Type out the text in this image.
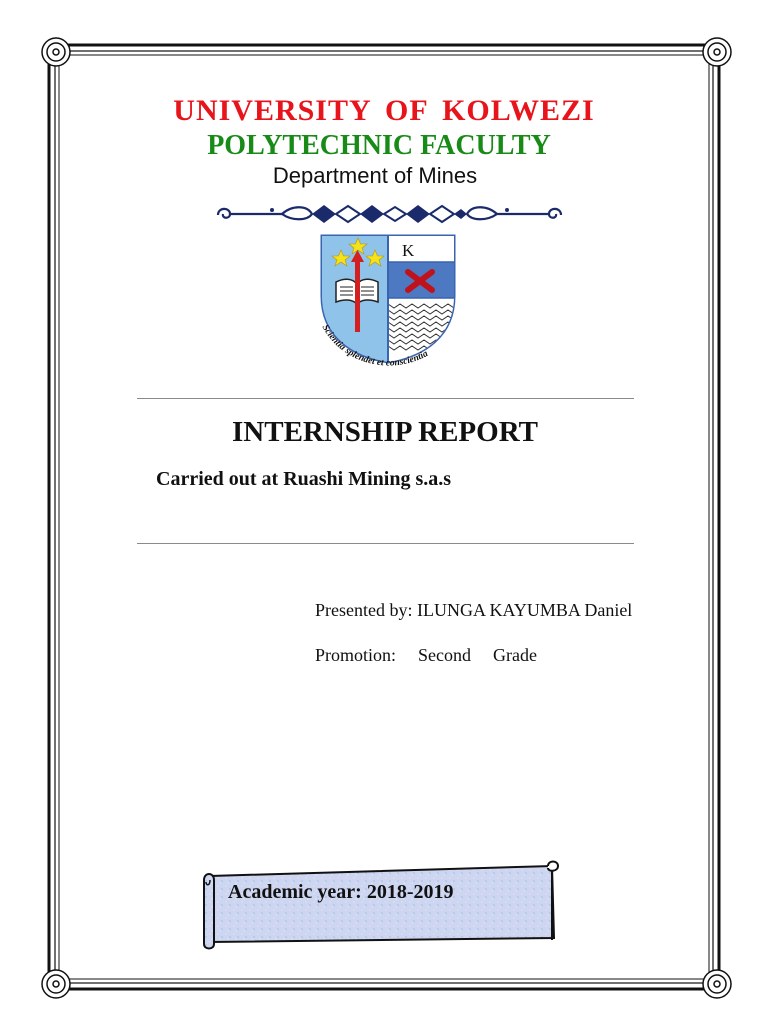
UNIVERSITY OF KOLWEZI
POLYTECHNIC FACULTY
Department of Mines
K
Scientia splendet et conscientia
INTERNSHIP REPORT
Carried out at Ruashi Mining s.a.s
Presented by: ILUNGA KAYUMBA Daniel
Promotion: Second Grade
Academic year: 2018-2019
